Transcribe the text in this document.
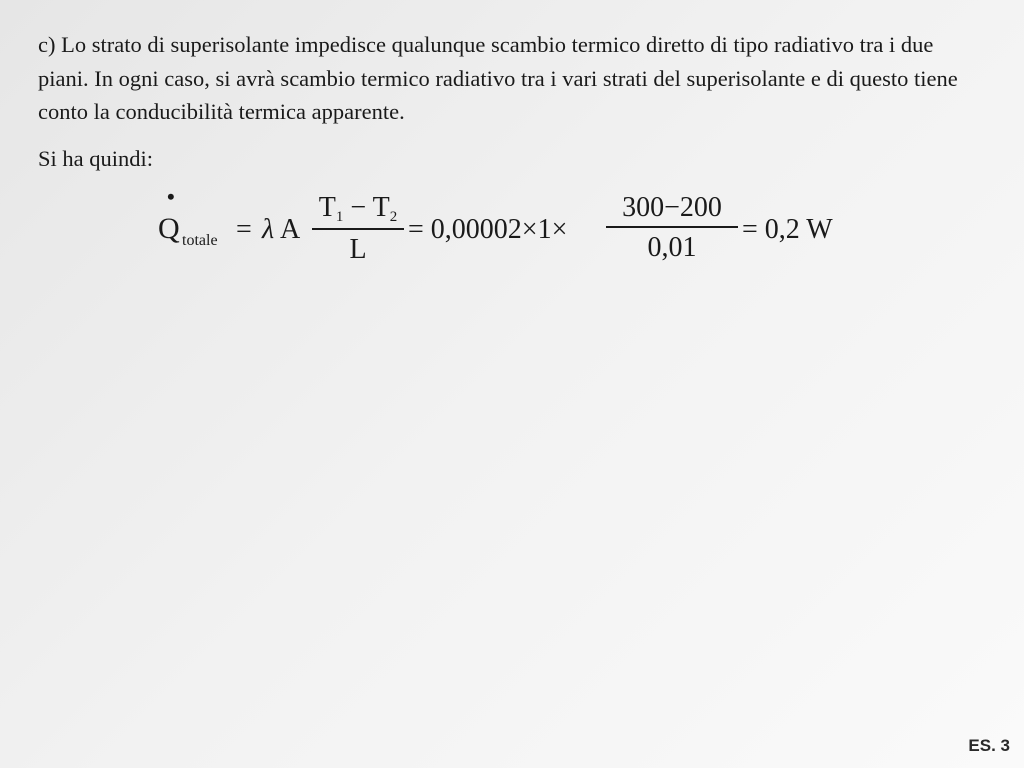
c) Lo strato di superisolante impedisce qualunque scambio termico diretto di tipo radiativo tra i due piani. In ogni caso, si avrà scambio termico radiativo tra i vari strati del superisolante e di questo tiene conto la conducibilità termica apparente.

Si ha quindi:

•
Q totale = λ A
T1 − T2
L
= 0,00002×1×
300−200
0,01
= 0,2 W
ES. 3
